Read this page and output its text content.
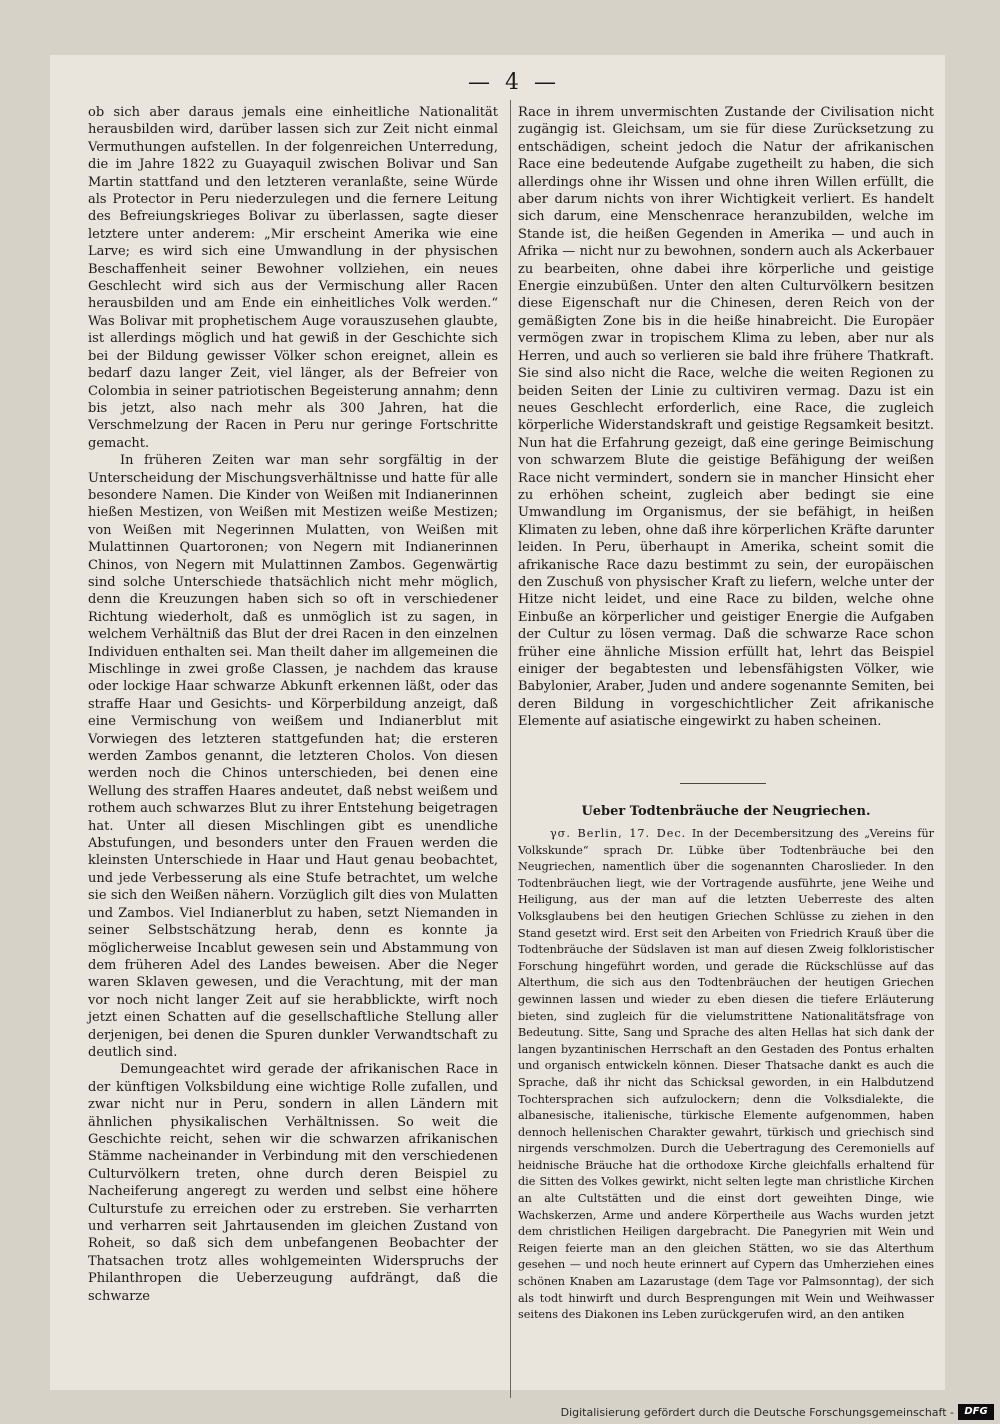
— 4 —

ob sich aber daraus jemals eine einheitliche Nationalität herausbilden wird, darüber lassen sich zur Zeit nicht einmal Vermuthungen aufstellen. In der folgenreichen Unterredung, die im Jahre 1822 zu Guayaquil zwischen Bolivar und San Martin stattfand und den letzteren veranlaßte, seine Würde als Protector in Peru niederzulegen und die fernere Leitung des Befreiungskrieges Bolivar zu überlassen, sagte dieser letztere unter anderem: „Mir erscheint Amerika wie eine Larve; es wird sich eine Umwandlung in der physischen Beschaffenheit seiner Bewohner vollziehen, ein neues Geschlecht wird sich aus der Vermischung aller Racen herausbilden und am Ende ein einheitliches Volk werden.“ Was Bolivar mit prophetischem Auge vorauszusehen glaubte, ist allerdings möglich und hat gewiß in der Geschichte sich bei der Bildung gewisser Völker schon ereignet, allein es bedarf dazu langer Zeit, viel länger, als der Befreier von Colombia in seiner patriotischen Begeisterung annahm; denn bis jetzt, also nach mehr als 300 Jahren, hat die Verschmelzung der Racen in Peru nur geringe Fortschritte gemacht.

In früheren Zeiten war man sehr sorgfältig in der Unterscheidung der Mischungsverhältnisse und hatte für alle besondere Namen. Die Kinder von Weißen mit Indianerinnen hießen Mestizen, von Weißen mit Mestizen weiße Mestizen; von Weißen mit Negerinnen Mulatten, von Weißen mit Mulattinnen Quartoronen; von Negern mit Indianerinnen Chinos, von Negern mit Mulattinnen Zambos. Gegenwärtig sind solche Unterschiede thatsächlich nicht mehr möglich, denn die Kreuzungen haben sich so oft in verschiedener Richtung wiederholt, daß es unmöglich ist zu sagen, in welchem Verhältniß das Blut der drei Racen in den einzelnen Individuen enthalten sei. Man theilt daher im allgemeinen die Mischlinge in zwei große Classen, je nachdem das krause oder lockige Haar schwarze Abkunft erkennen läßt, oder das straffe Haar und Gesichts- und Körperbildung anzeigt, daß eine Vermischung von weißem und Indianerblut mit Vorwiegen des letzteren stattgefunden hat; die ersteren werden Zambos genannt, die letzteren Cholos. Von diesen werden noch die Chinos unterschieden, bei denen eine Wellung des straffen Haares andeutet, daß nebst weißem und rothem auch schwarzes Blut zu ihrer Entstehung beigetragen hat. Unter all diesen Mischlingen gibt es unendliche Abstufungen, und besonders unter den Frauen werden die kleinsten Unterschiede in Haar und Haut genau beobachtet, und jede Verbesserung als eine Stufe betrachtet, um welche sie sich den Weißen nähern. Vorzüglich gilt dies von Mulatten und Zambos. Viel Indianerblut zu haben, setzt Niemanden in seiner Selbstschätzung herab, denn es konnte ja möglicherweise Incablut gewesen sein und Abstammung von dem früheren Adel des Landes beweisen. Aber die Neger waren Sklaven gewesen, und die Verachtung, mit der man vor noch nicht langer Zeit auf sie herabblickte, wirft noch jetzt einen Schatten auf die gesellschaftliche Stellung aller derjenigen, bei denen die Spuren dunkler Verwandtschaft zu deutlich sind.

Demungeachtet wird gerade der afrikanischen Race in der künftigen Volksbildung eine wichtige Rolle zufallen, und zwar nicht nur in Peru, sondern in allen Ländern mit ähnlichen physikalischen Verhältnissen. So weit die Geschichte reicht, sehen wir die schwarzen afrikanischen Stämme nacheinander in Verbindung mit den verschiedenen Culturvölkern treten, ohne durch deren Beispiel zu Nacheiferung angeregt zu werden und selbst eine höhere Culturstufe zu erreichen oder zu erstreben. Sie verharrten und verharren seit Jahrtausenden im gleichen Zustand von Roheit, so daß sich dem unbefangenen Beobachter der Thatsachen trotz alles wohlgemeinten Widerspruchs der Philanthropen die Ueberzeugung aufdrängt, daß die schwarze

Race in ihrem unvermischten Zustande der Civilisation nicht zugängig ist. Gleichsam, um sie für diese Zurücksetzung zu entschädigen, scheint jedoch die Natur der afrikanischen Race eine bedeutende Aufgabe zugetheilt zu haben, die sich allerdings ohne ihr Wissen und ohne ihren Willen erfüllt, die aber darum nichts von ihrer Wichtigkeit verliert. Es handelt sich darum, eine Menschenrace heranzubilden, welche im Stande ist, die heißen Gegenden in Amerika — und auch in Afrika — nicht nur zu bewohnen, sondern auch als Ackerbauer zu bearbeiten, ohne dabei ihre körperliche und geistige Energie einzubüßen. Unter den alten Culturvölkern besitzen diese Eigenschaft nur die Chinesen, deren Reich von der gemäßigten Zone bis in die heiße hinabreicht. Die Europäer vermögen zwar in tropischem Klima zu leben, aber nur als Herren, und auch so verlieren sie bald ihre frühere Thatkraft. Sie sind also nicht die Race, welche die weiten Regionen zu beiden Seiten der Linie zu cultiviren vermag. Dazu ist ein neues Geschlecht erforderlich, eine Race, die zugleich körperliche Widerstandskraft und geistige Regsamkeit besitzt. Nun hat die Erfahrung gezeigt, daß eine geringe Beimischung von schwarzem Blute die geistige Befähigung der weißen Race nicht vermindert, sondern sie in mancher Hinsicht eher zu erhöhen scheint, zugleich aber bedingt sie eine Umwandlung im Organismus, der sie befähigt, in heißen Klimaten zu leben, ohne daß ihre körperlichen Kräfte darunter leiden. In Peru, überhaupt in Amerika, scheint somit die afrikanische Race dazu bestimmt zu sein, der europäischen den Zuschuß von physischer Kraft zu liefern, welche unter der Hitze nicht leidet, und eine Race zu bilden, welche ohne Einbuße an körperlicher und geistiger Energie die Aufgaben der Cultur zu lösen vermag. Daß die schwarze Race schon früher eine ähnliche Mission erfüllt hat, lehrt das Beispiel einiger der begabtesten und lebensfähigsten Völker, wie Babylonier, Araber, Juden und andere sogenannte Semiten, bei deren Bildung in vorgeschichtlicher Zeit afrikanische Elemente auf asiatische eingewirkt zu haben scheinen.

Ueber Todtenbräuche der Neugriechen.

γσ. Berlin, 17. Dec. In der Decembersitzung des „Vereins für Volkskunde“ sprach Dr. Lübke über Todtenbräuche bei den Neugriechen, namentlich über die sogenannten Charoslieder. In den Todtenbräuchen liegt, wie der Vortragende ausführte, jene Weihe und Heiligung, aus der man auf die letzten Ueberreste des alten Volksglaubens bei den heutigen Griechen Schlüsse zu ziehen in den Stand gesetzt wird. Erst seit den Arbeiten von Friedrich Krauß über die Todtenbräuche der Südslaven ist man auf diesen Zweig folkloristischer Forschung hingeführt worden, und gerade die Rückschlüsse auf das Alterthum, die sich aus den Todtenbräuchen der heutigen Griechen gewinnen lassen und wieder zu eben diesen die tiefere Erläuterung bieten, sind zugleich für die vielumstrittene Nationalitätsfrage von Bedeutung. Sitte, Sang und Sprache des alten Hellas hat sich dank der langen byzantinischen Herrschaft an den Gestaden des Pontus erhalten und organisch entwickeln können. Dieser Thatsache dankt es auch die Sprache, daß ihr nicht das Schicksal geworden, in ein Halbdutzend Tochtersprachen sich aufzulockern; denn die Volksdialekte, die albanesische, italienische, türkische Elemente aufgenommen, haben dennoch hellenischen Charakter gewahrt, türkisch und griechisch sind nirgends verschmolzen. Durch die Uebertragung des Ceremoniells auf heidnische Bräuche hat die orthodoxe Kirche gleichfalls erhaltend für die Sitten des Volkes gewirkt, nicht selten legte man christliche Kirchen an alte Cultstätten und die einst dort geweihten Dinge, wie Wachskerzen, Arme und andere Körpertheile aus Wachs wurden jetzt dem christlichen Heiligen dargebracht. Die Panegyrien mit Wein und Reigen feierte man an den gleichen Stätten, wo sie das Alterthum gesehen — und noch heute erinnert auf Cypern das Umherziehen eines schönen Knaben am Lazarustage (dem Tage vor Palmsonntag), der sich als todt hinwirft und durch Besprengungen mit Wein und Weihwasser seitens des Diakonen ins Leben zurückgerufen wird, an den antiken

Digitalisierung gefördert durch die Deutsche Forschungsgemeinschaft -	DFG
